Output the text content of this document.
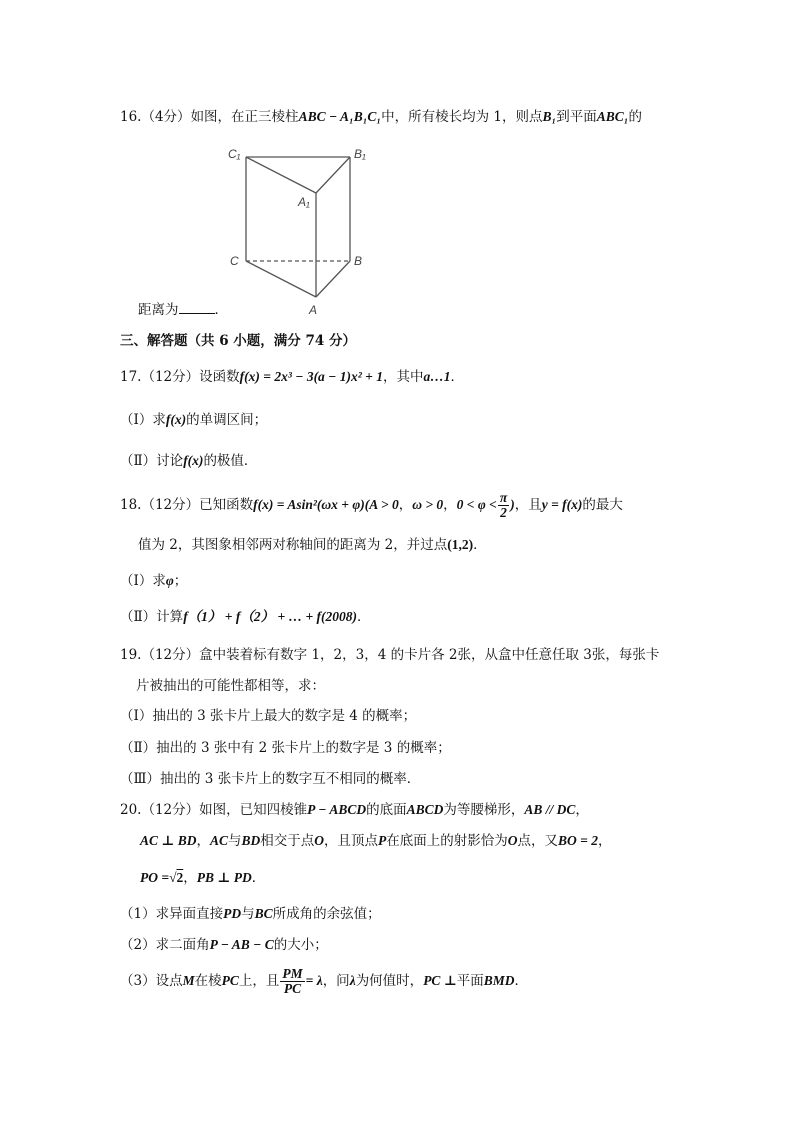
16.（4分）如图，在正三棱柱ABC − A₁B₁C₁中，所有棱长均为 1，则点B₁到平面ABC₁的
C₁	B₁
A₁
C	B
A
距离为	．
三、解答题（共 6 小题，满分 74 分）
17.（12分）设函数f(x) = 2x³ − 3(a − 1)x² + 1，其中a…1．
（Ⅰ）求f(x)的单调区间；
（Ⅱ）讨论f(x)的极值．
18.（12分）已知函数f(x) = Asin²(ωx + φ)(A > 0，ω > 0，$0 < \varphi < \frac{\pi}{2}$ )，且y = f(x)的最大
值为 2，其图象相邻两对称轴间的距离为 2，并过点(1,2)．
（Ⅰ）求φ；
（Ⅱ）计算f（1） + f（2） + … + f(2008)．
19.（12分）盒中装着标有数字 1，2，3，4 的卡片各 2张，从盒中任意任取 3张，每张卡
片被抽出的可能性都相等，求：
（Ⅰ）抽出的 3 张卡片上最大的数字是 4 的概率；
（Ⅱ）抽出的 3 张中有 2 张卡片上的数字是 3 的概率；
（Ⅲ）抽出的 3 张卡片上的数字互不相同的概率．
20.（12分）如图，已知四棱锥P − ABCD的底面ABCD为等腰梯形，AB // DC，
AC ⊥ BD，AC与BD相交于点O，且顶点P在底面上的射影恰为O点，又BO = 2，
PO =√2，PB ⊥ PD．
（1）求异面直接PD与BC所成角的余弦值；
（2）求二面角P − AB − C的大小；
（3）设点M在棱PC上，且 $\frac{PM}{PC} = \lambda$，问λ为何值时，PC ⊥平面BMD．
